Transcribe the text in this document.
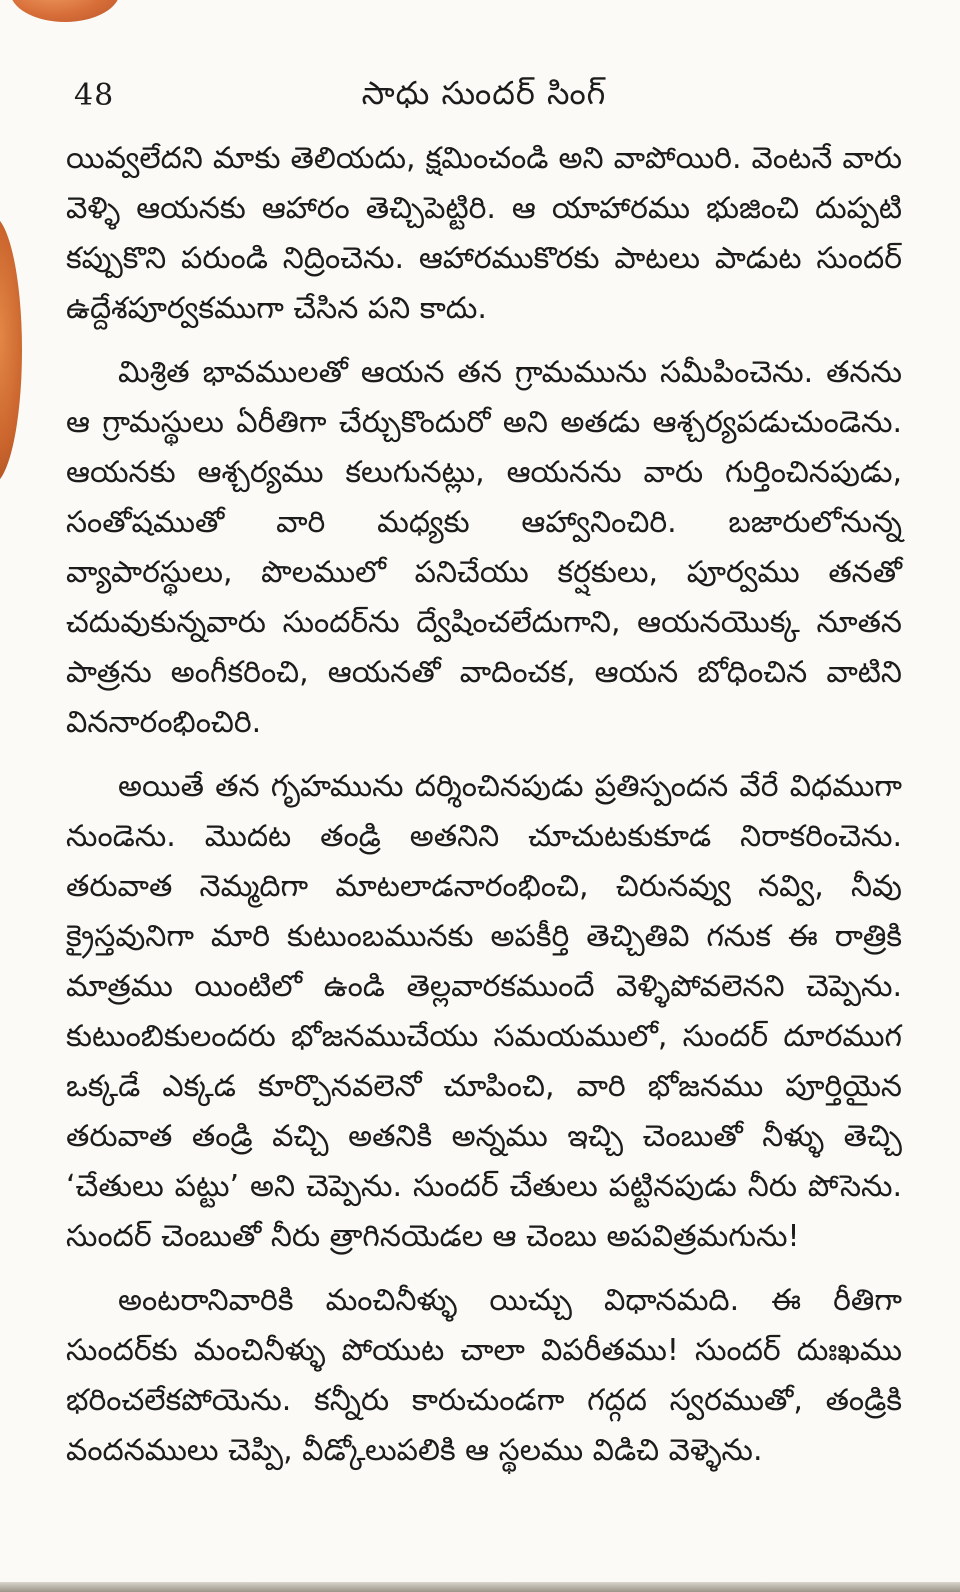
48	సాధు సుందర్ సింగ్

యివ్వలేదని మాకు తెలియదు, క్షమించండి అని వాపోయిరి. వెంటనే వారు వెళ్ళి ఆయనకు ఆహారం తెచ్చిపెట్టిరి. ఆ యాహారము భుజించి దుప్పటి కప్పుకొని పరుండి నిద్రించెను. ఆహారముకొరకు పాటలు పాడుట సుందర్ ఉద్దేశపూర్వకముగా చేసిన పని కాదు.

మిశ్రిత భావములతో ఆయన తన గ్రామమును సమీపించెను. తనను ఆ గ్రామస్థులు ఏరీతిగా చేర్చుకొందురో అని అతడు ఆశ్చర్యపడుచుండెను. ఆయనకు ఆశ్చర్యము కలుగునట్లు, ఆయనను వారు గుర్తించినపుడు, సంతోషముతో వారి మధ్యకు ఆహ్వానించిరి. బజారులోనున్న వ్యాపారస్థులు, పొలములో పనిచేయు కర్షకులు, పూర్వము తనతో చదువుకున్నవారు సుందర్‌ను ద్వేషించలేదుగాని, ఆయనయొక్క నూతన పాత్రను అంగీకరించి, ఆయనతో వాదించక, ఆయన బోధించిన వాటిని విననారంభించిరి.

అయితే తన గృహమును దర్శించినపుడు ప్రతిస్పందన వేరే విధముగా నుండెను. మొదట తండ్రి అతనిని చూచుటకుకూడ నిరాకరించెను. తరువాత నెమ్మదిగా మాటలాడనారంభించి, చిరునవ్వు నవ్వి, నీవు క్రైస్తవునిగా మారి కుటుంబమునకు అపకీర్తి తెచ్చితివి గనుక ఈ రాత్రికి మాత్రము యింటిలో ఉండి తెల్లవారకముందే వెళ్ళిపోవలెనని చెప్పెను. కుటుంబికులందరు భోజనముచేయు సమయములో, సుందర్ దూరముగ ఒక్కడే ఎక్కడ కూర్చొనవలెనో చూపించి, వారి భోజనము పూర్తియైన తరువాత తండ్రి వచ్చి అతనికి అన్నము ఇచ్చి చెంబుతో నీళ్ళు తెచ్చి ‘చేతులు పట్టు’ అని చెప్పెను. సుందర్ చేతులు పట్టినపుడు నీరు పోసెను. సుందర్ చెంబుతో నీరు త్రాగినయెడల ఆ చెంబు అపవిత్రమగును!

అంటరానివారికి మంచినీళ్ళు యిచ్చు విధానమది. ఈ రీతిగా సుందర్‌కు మంచినీళ్ళు పోయుట చాలా విపరీతము! సుందర్ దుఃఖము భరించలేకపోయెను. కన్నీరు కారుచుండగా గద్గద స్వరముతో, తండ్రికి వందనములు చెప్పి, వీడ్కోలుపలికి ఆ స్థలము విడిచి వెళ్ళెను.
